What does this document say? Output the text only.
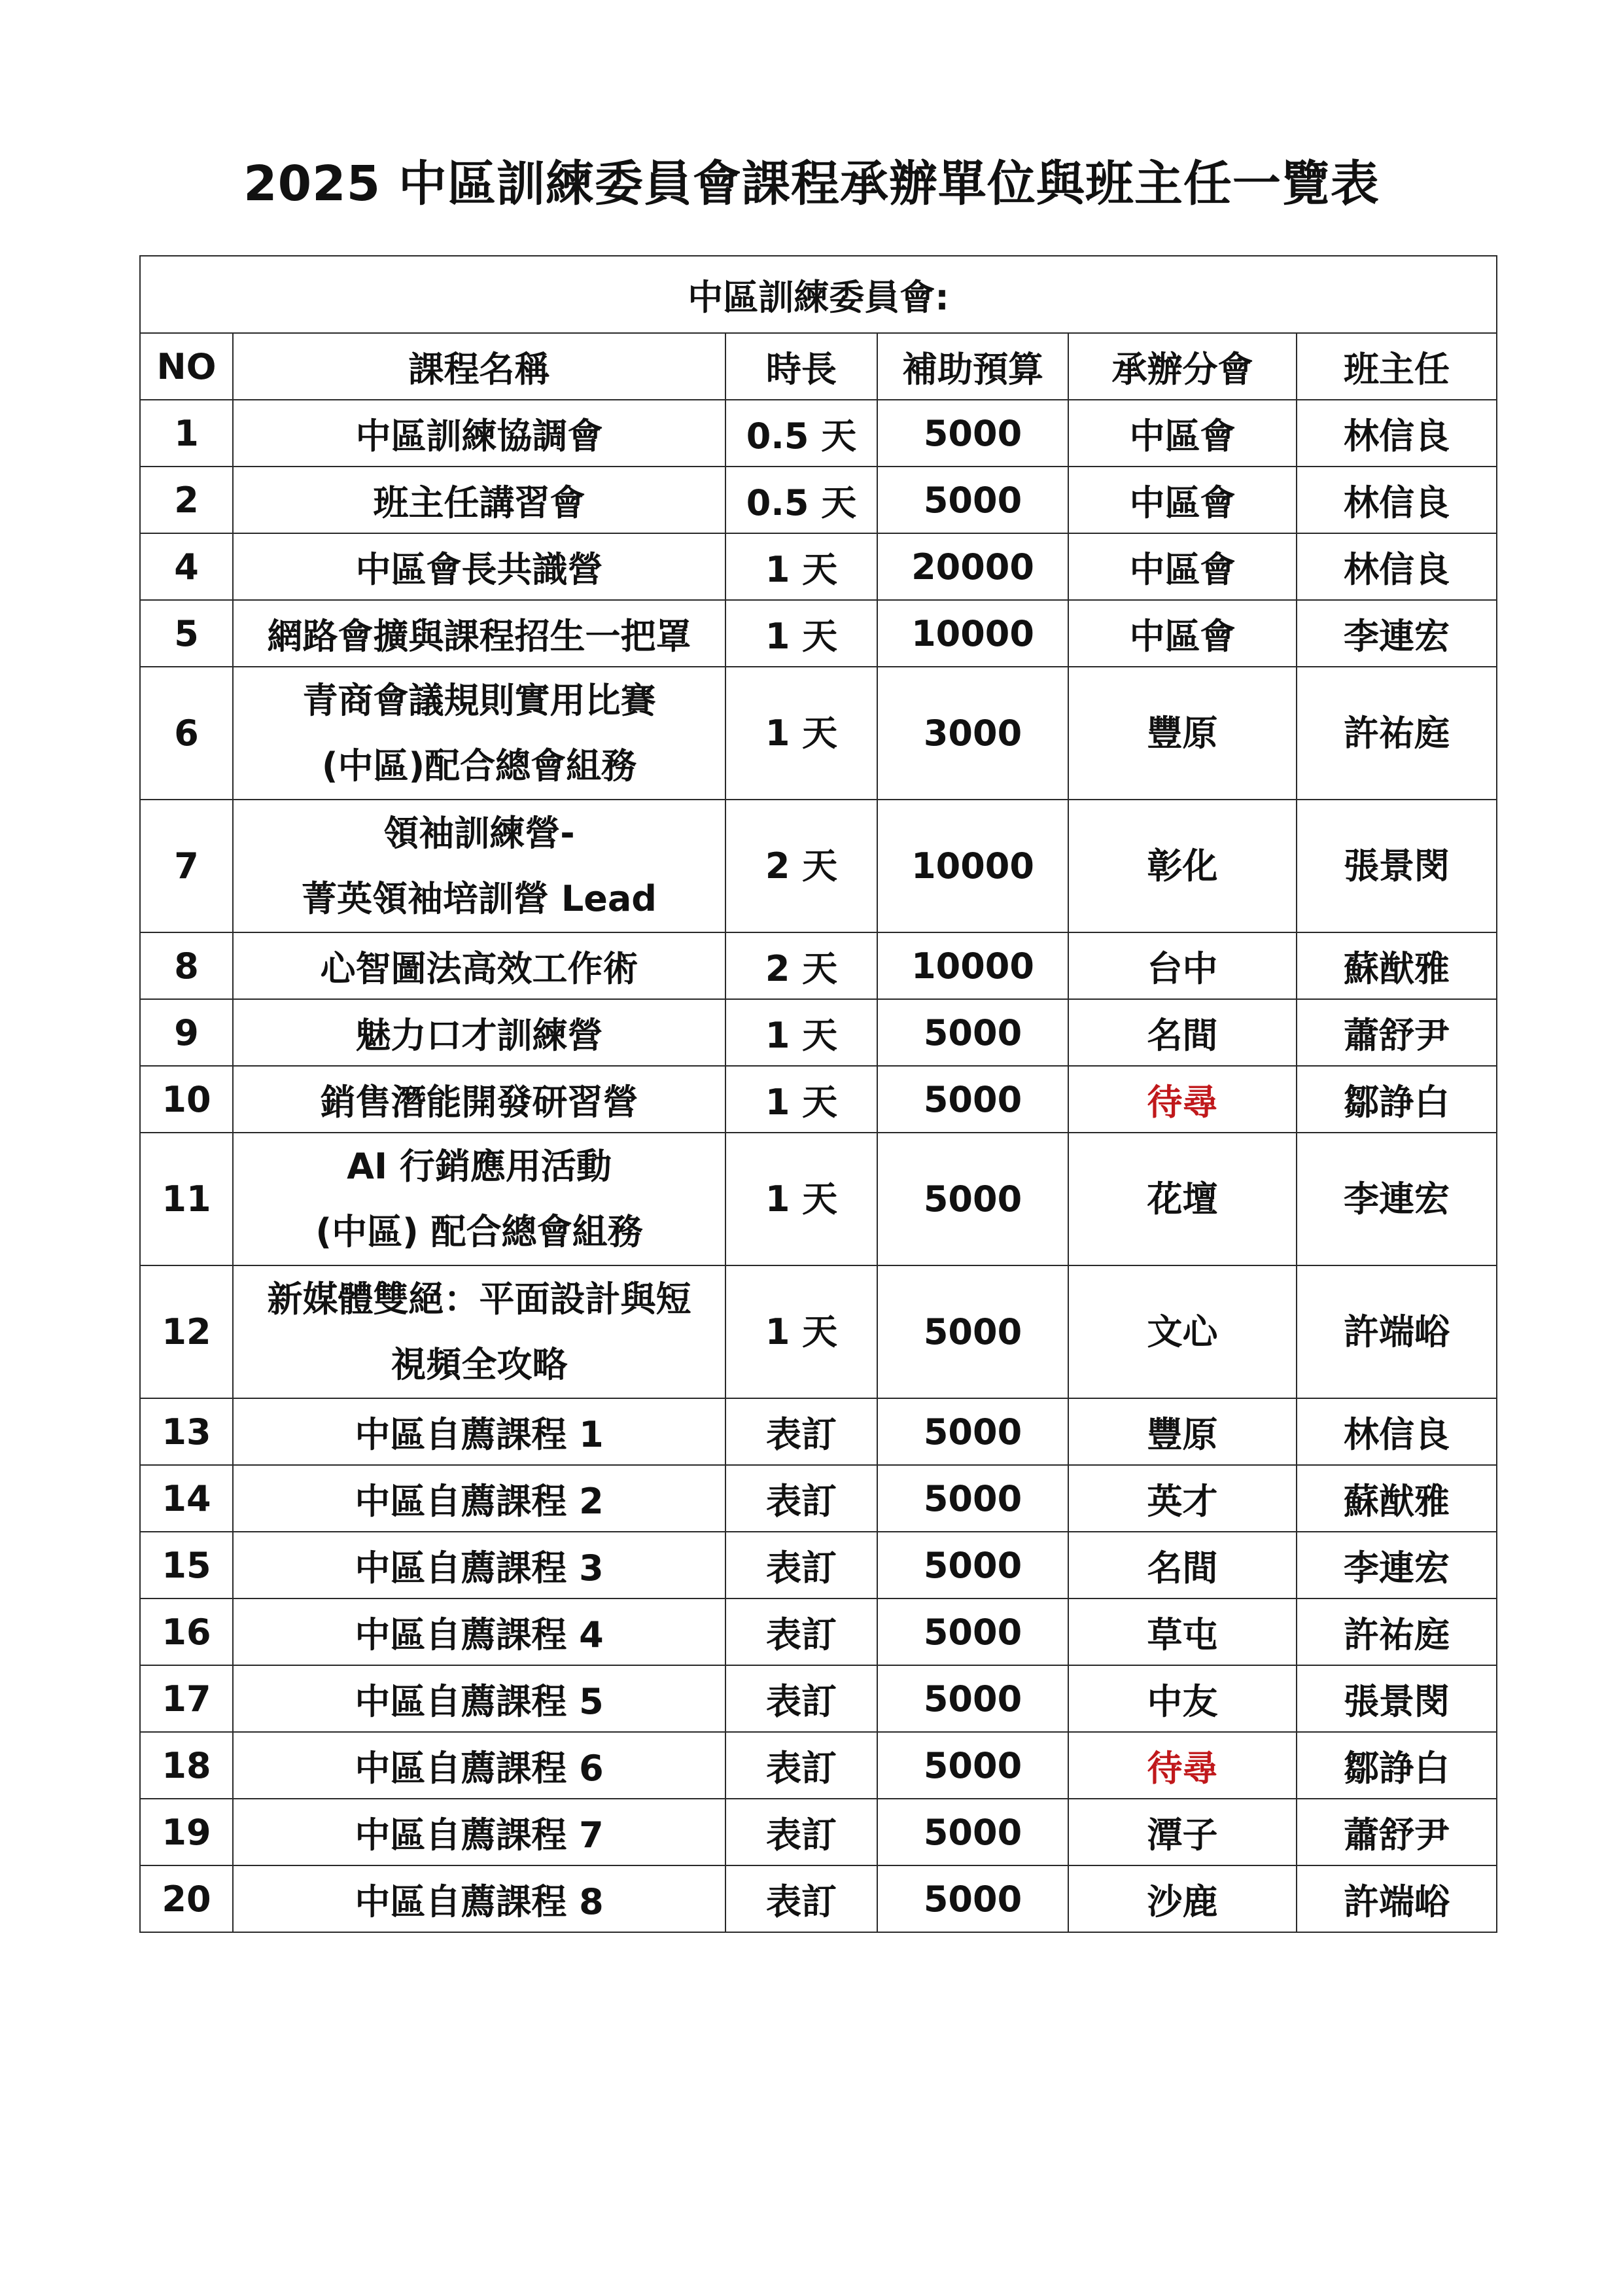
2025 中區訓練委員會課程承辦單位與班主任一覽表
中區訓練委員會:					
NO	課程名稱	時長	補助預算	承辦分會	班主任
1	中區訓練協調會	0.5 天	5000	中區會	林信良
2	班主任講習會	0.5 天	5000	中區會	林信良
4	中區會長共識營	1 天	20000	中區會	林信良
5	網路會擴與課程招生一把罩	1 天	10000	中區會	李連宏
6	青商會議規則實用比賽
(中區)配合總會組務	1 天	3000	豐原	許祐庭
7	領袖訓練營-
菁英領袖培訓營 Lead	2 天	10000	彰化	張景閔
8	心智圖法高效工作術	2 天	10000	台中	蘇猷雅
9	魅力口才訓練營	1 天	5000	名間	蕭舒尹
10	銷售潛能開發研習營	1 天	5000	待尋	鄒諍白
11	AI 行銷應用活動
(中區) 配合總會組務	1 天	5000	花壇	李連宏
12	新媒體雙絕：平面設計與短
視頻全攻略	1 天	5000	文心	許端峪
13	中區自薦課程 1	表訂	5000	豐原	林信良
14	中區自薦課程 2	表訂	5000	英才	蘇猷雅
15	中區自薦課程 3	表訂	5000	名間	李連宏
16	中區自薦課程 4	表訂	5000	草屯	許祐庭
17	中區自薦課程 5	表訂	5000	中友	張景閔
18	中區自薦課程 6	表訂	5000	待尋	鄒諍白
19	中區自薦課程 7	表訂	5000	潭子	蕭舒尹
20	中區自薦課程 8	表訂	5000	沙鹿	許端峪
